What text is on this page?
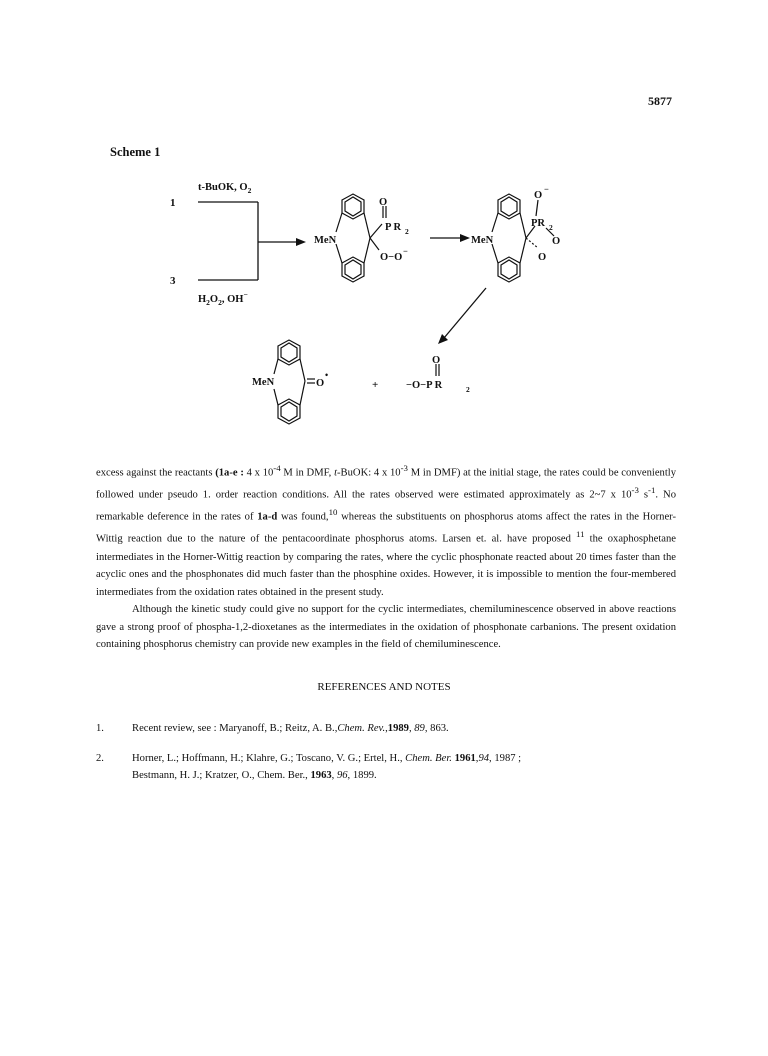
5877
Scheme 1
MeN
O
P R 2
O−O
−
MeN
O
−
PR 2
O
O
MeN	O
•
+
O
−O−P R	2
1
3
t-BuOK, $O_2$
$H_2O_2$, OH−

excess against the reactants (1a-e : 4 x $10^{-4}$ M in DMF, t-BuOK: 4 x $10^{-3}$ M in DMF) at the initial stage, the rates could be conveniently followed under pseudo 1. order reaction conditions. All the rates observed were estimated approximately as 2~7 x $10^{-3}$ $s^{-1}$. No remarkable deference in the rates of 1a-d was found,$^{10}$ whereas the substituents on phosphorus atoms affect the rates in the Horner-Wittig reaction due to the nature of the pentacoordinate phosphorus atoms. Larsen et. al. have proposed $^{11}$ the oxaphosphetane intermediates in the Horner-Wittig reaction by comparing the rates, where the cyclic phosphonate reacted about 20 times faster than the acyclic ones and the phosphonates did much faster than the phosphine oxides. However, it is impossible to mention the four-membered intermediates from the oxidation rates obtained in the present study.

Although the kinetic study could give no support for the cyclic intermediates, chemiluminescence observed in above reactions gave a strong proof of phospha-1,2-dioxetanes as the intermediates in the oxidation of phosphonate carbanions. The present oxidation containing phosphorus chemistry can provide new examples in the field of chemiluminescence.

REFERENCES AND NOTES
1.	Recent review, see : Maryanoff, B.; Reitz, A. B.,Chem. Rev.,1989, 89, 863.
2.	Horner, L.; Hoffmann, H.; Klahre, G.; Toscano, V. G.; Ertel, H., Chem. Ber. 1961,94, 1987 ;
Bestmann, H. J.; Kratzer, O., Chem. Ber., 1963, 96, 1899.
